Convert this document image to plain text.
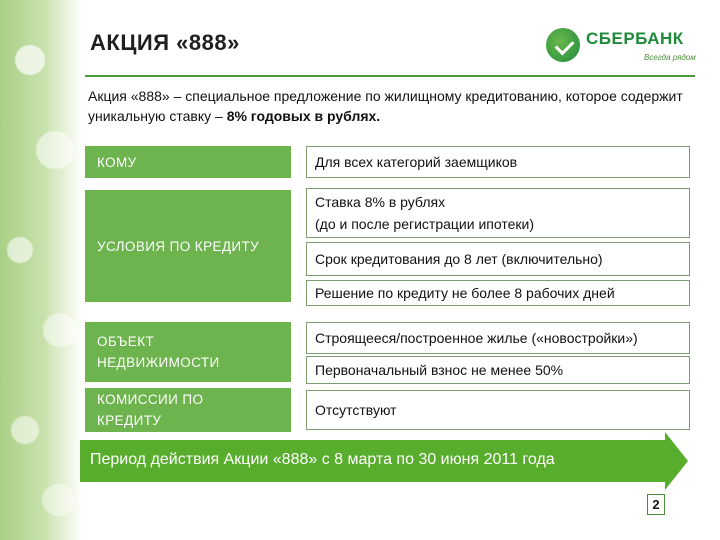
АКЦИЯ «888»	СБЕРБАНК
Всегда рядом
Акция «888» – специальное предложение по жилищному кредитованию, которое содержит уникальную ставку – 8% годовых в рублях.
КОМУ	Для всех категорий заемщиков
УСЛОВИЯ ПО КРЕДИТУ
Ставка 8% в рублях
(до и после регистрации ипотеки)
Срок кредитования до 8 лет (включительно)
Решение по кредиту не более 8 рабочих дней
ОБЪЕКТ НЕДВИЖИМОСТИ
Строящееся/построенное жилье («новостройки»)
Первоначальный взнос не менее 50%
КОМИССИИ ПО КРЕДИТУ
Отсутствуют
Период действия Акции «888» с 8 марта по 30 июня 2011 года
2
